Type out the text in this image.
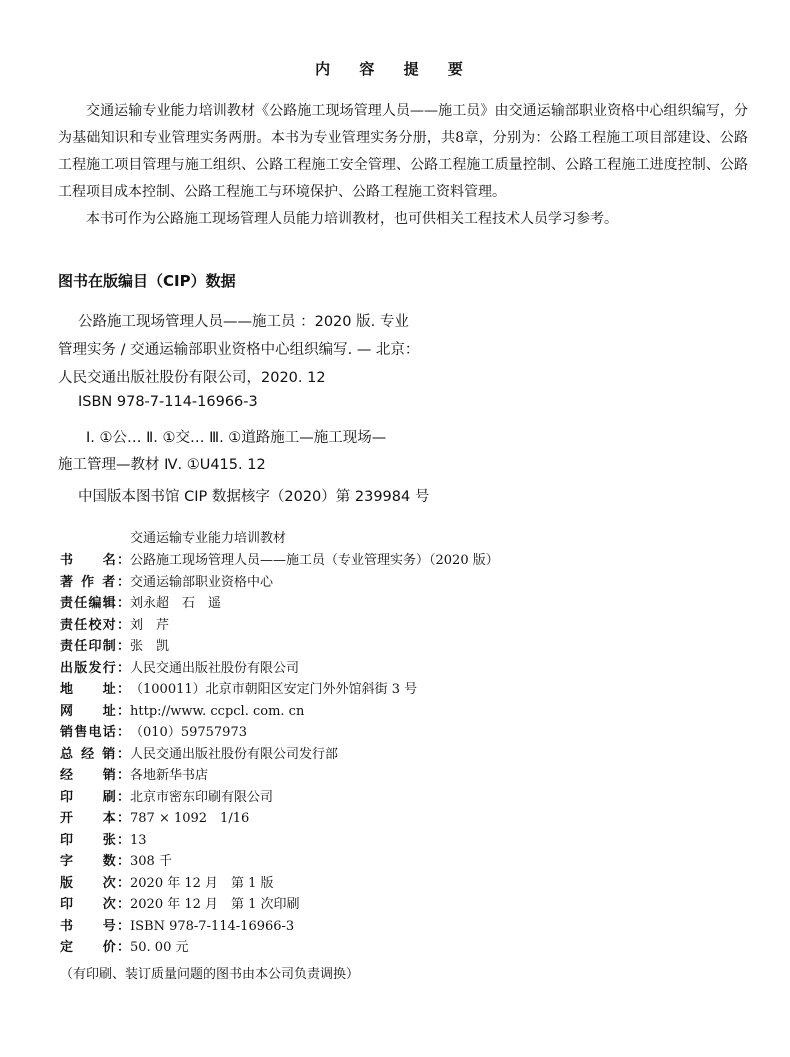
内 容 提 要

交通运输专业能力培训教材《公路施工现场管理人员——施工员》由交通运输部职业资格中心组织编写，分为基础知识和专业管理实务两册。本书为专业管理实务分册，共8章，分别为：公路工程施工项目部建设、公路工程施工项目管理与施工组织、公路工程施工安全管理、公路工程施工质量控制、公路工程施工进度控制、公路工程项目成本控制、公路工程施工与环境保护、公路工程施工资料管理。

本书可作为公路施工现场管理人员能力培训教材，也可供相关工程技术人员学习参考。

图书在版编目（CIP）数据
公路施工现场管理人员——施工员 ：2020 版. 专业
管理实务 / 交通运输部职业资格中心组织编写. — 北京：
人民交通出版社股份有限公司，2020. 12
ISBN 978-7-114-16966-3
Ⅰ. ①公… Ⅱ. ①交… Ⅲ. ①道路施工—施工现场—
施工管理—教材 Ⅳ. ①U415. 12
中国版本图书馆 CIP 数据核字（2020）第 239984 号
交通运输专业能力培训教材
书　　名：公路施工现场管理人员——施工员（专业管理实务）（2020 版）
著 作 者：交通运输部职业资格中心
责任编辑：刘永超　石　遥
责任校对：刘　芹
责任印制：张　凯
出版发行：人民交通出版社股份有限公司
地　　址：（100011）北京市朝阳区安定门外外馆斜街 3 号
网　　址：http://www. ccpcl. com. cn
销售电话：（010）59757973
总 经 销：人民交通出版社股份有限公司发行部
经　　销：各地新华书店
印　　刷：北京市密东印刷有限公司
开　　本：787 × 1092　1/16
印　　张：13
字　　数：308 千
版　　次：2020 年 12 月　第 1 版
印　　次：2020 年 12 月　第 1 次印刷
书　　号：ISBN 978-7-114-16966-3
定　　价：50. 00 元
（有印刷、装订质量问题的图书由本公司负责调换）
